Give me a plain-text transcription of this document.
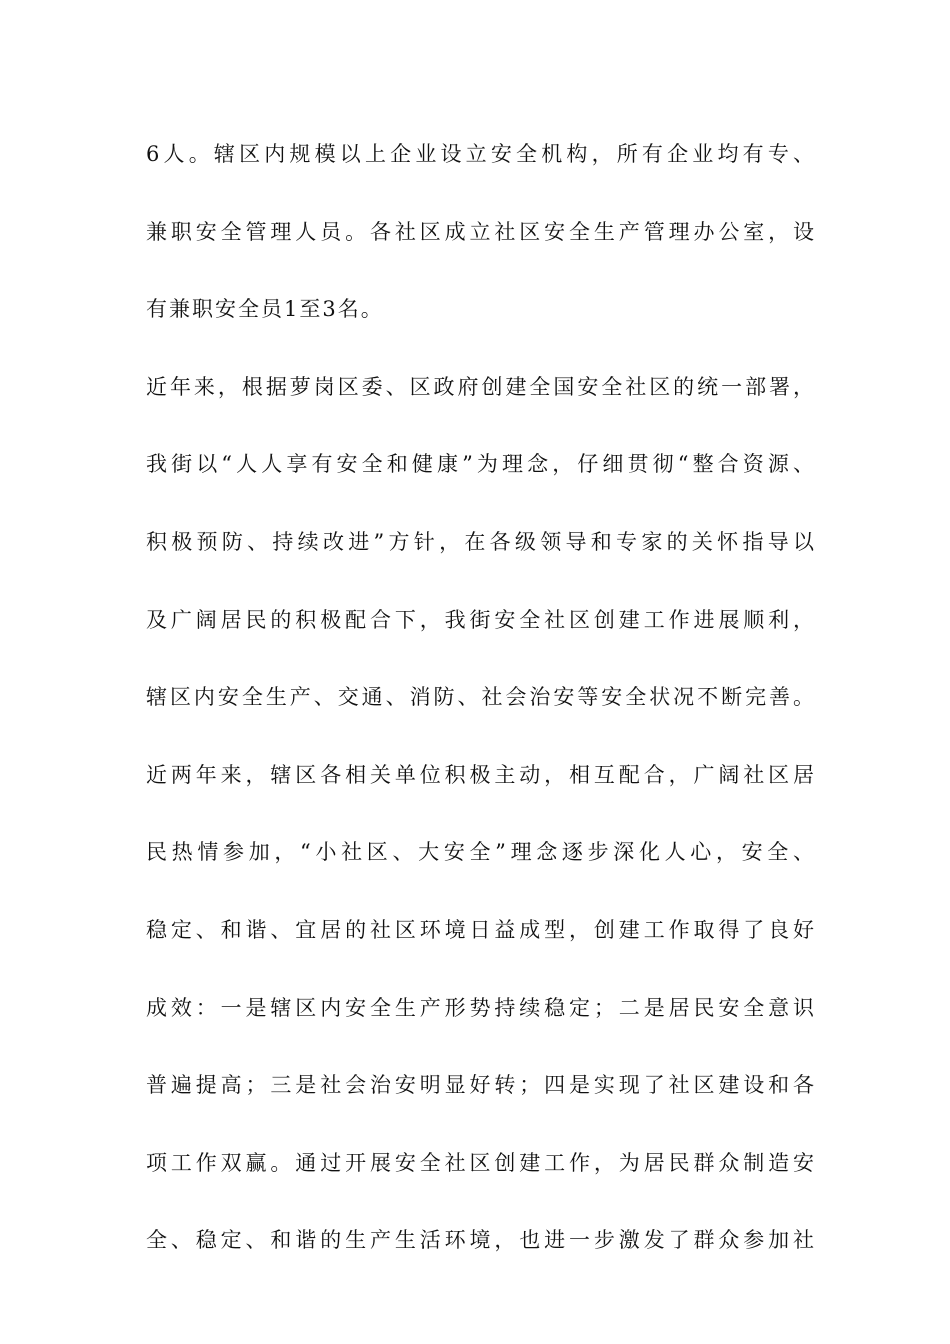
6人。辖区内规模以上企业设立安全机构，所有企业均有专、
兼职安全管理人员。各社区成立社区安全生产管理办公室，设
有兼职安全员1至3名。
近年来，根据萝岗区委、区政府创建全国安全社区的统一部署，
我街以“人人享有安全和健康”为理念，仔细贯彻“整合资源、
积极预防、持续改进”方针，在各级领导和专家的关怀指导以
及广阔居民的积极配合下，我街安全社区创建工作进展顺利，
辖区内安全生产、交通、消防、社会治安等安全状况不断完善。
近两年来，辖区各相关单位积极主动，相互配合，广阔社区居
民热情参加，“小社区、大安全”理念逐步深化人心，安全、
稳定、和谐、宜居的社区环境日益成型，创建工作取得了良好
成效：一是辖区内安全生产形势持续稳定；二是居民安全意识
普遍提高；三是社会治安明显好转；四是实现了社区建设和各
项工作双赢。通过开展安全社区创建工作，为居民群众制造安
全、稳定、和谐的生产生活环境，也进一步激发了群众参加社
